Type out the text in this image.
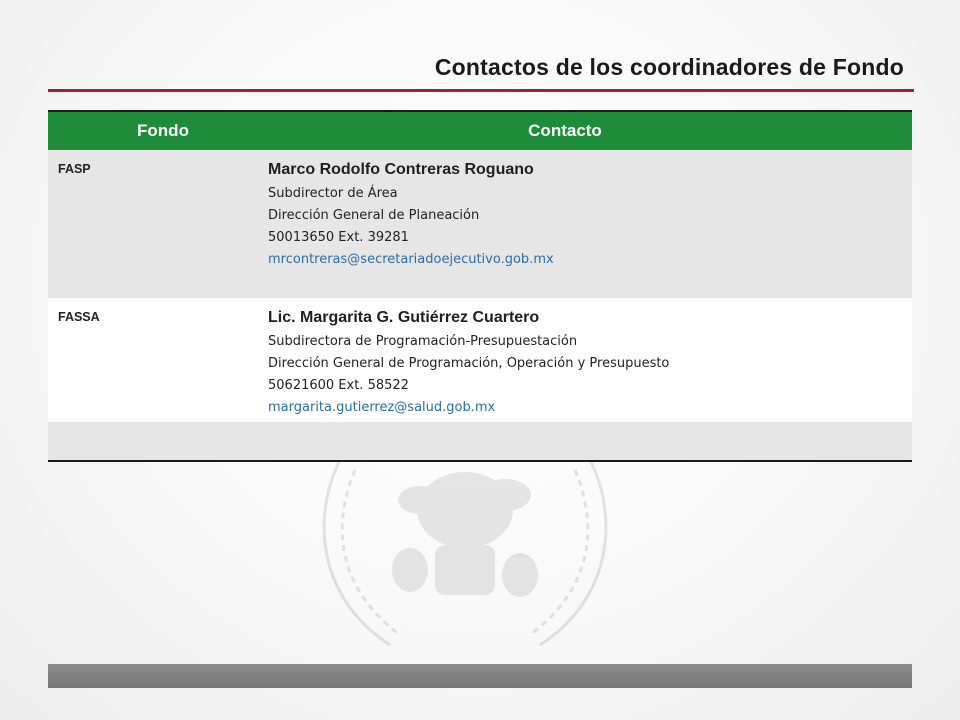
Contactos de los coordinadores de Fondo
Fondo	Contacto
FASP	Marco Rodolfo Contreras Roguano
Subdirector de Área
Dirección General de Planeación
50013650 Ext. 39281
mrcontreras@secretariadoejecutivo.gob.mx
FASSA	Lic. Margarita G. Gutiérrez Cuartero
Subdirectora de Programación-Presupuestación
Dirección General de Programación, Operación y Presupuesto
50621600 Ext. 58522
margarita.gutierrez@salud.gob.mx
